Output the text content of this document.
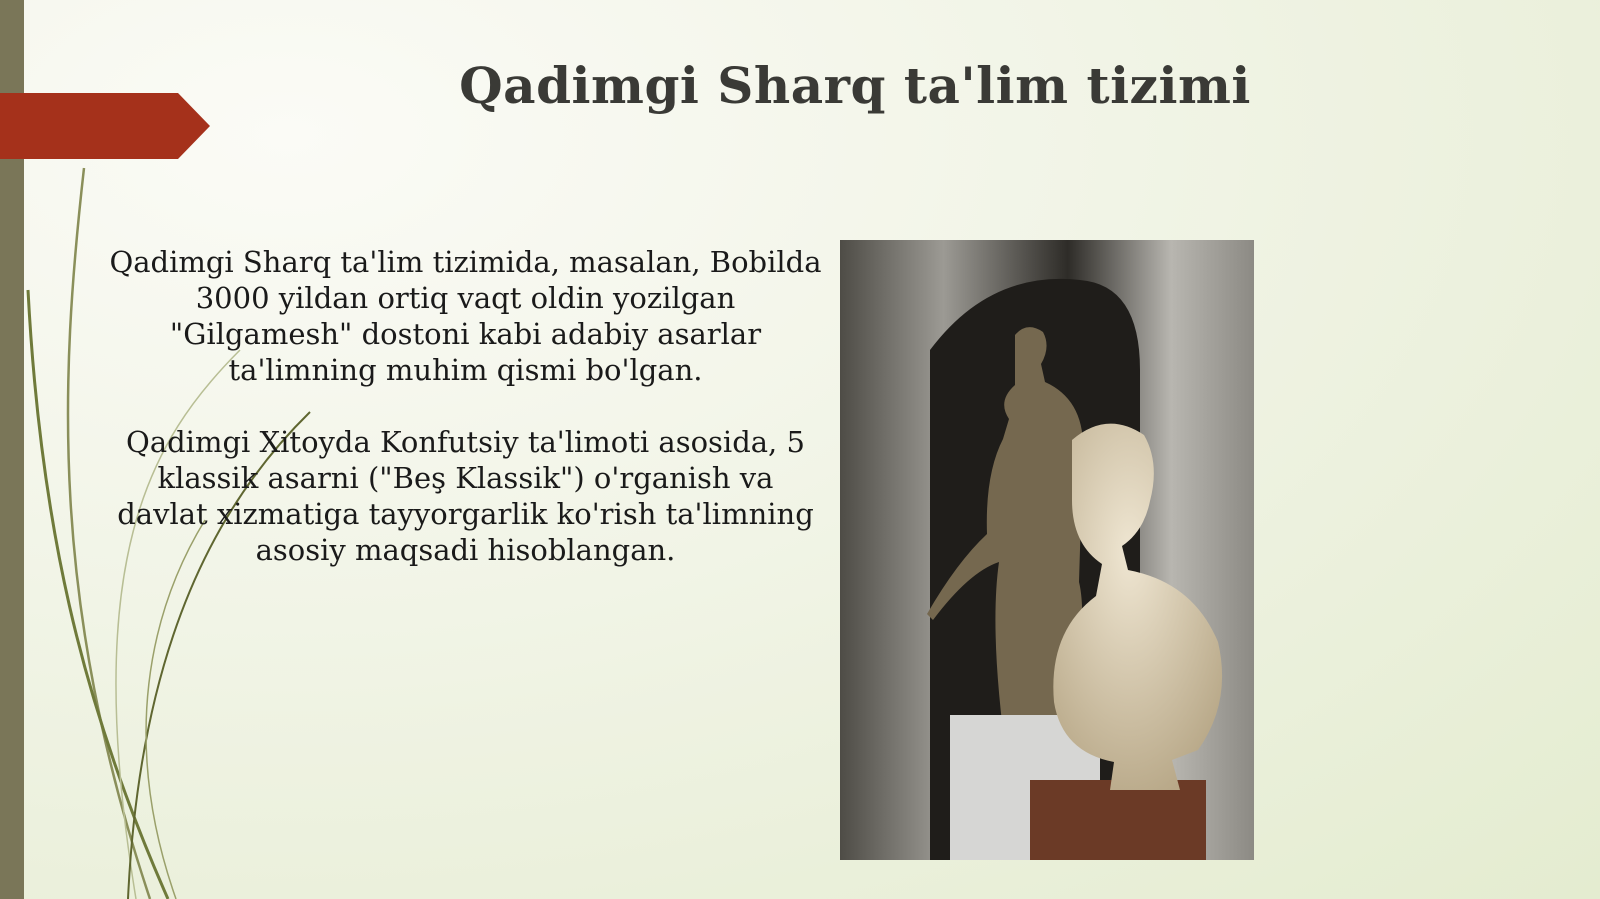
Qadimgi Sharq ta'lim tizimi

Qadimgi Sharq ta'lim tizimida, masalan, Bobilda 3000 yildan ortiq vaqt oldin yozilgan "Gilgamesh" dostoni kabi adabiy asarlar ta'limning muhim qismi bo'lgan.

Qadimgi Xitoyda Konfutsiy ta'limoti asosida, 5 klassik asarni ("Beş Klassik") o'rganish va davlat xizmatiga tayyorgarlik ko'rish ta'limning asosiy maqsadi hisoblangan.
